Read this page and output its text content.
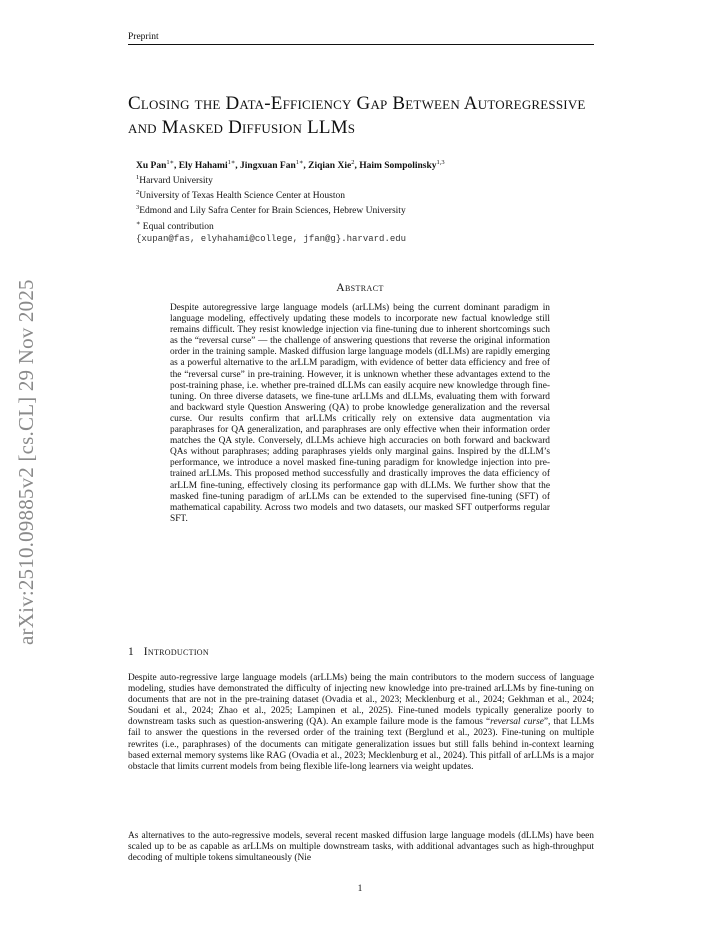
Preprint
arXiv:2510.09885v2 [cs.CL] 29 Nov 2025
Closing the Data-Efficiency Gap Between Autoregressive and Masked Diffusion LLMs
Xu Pan$^{1∗}$, Ely Hahami$^{1∗}$, Jingxuan Fan$^{1∗}$, Ziqian Xie$^2$, Haim Sompolinsky$^{1,3}$
$^1$Harvard University
$^2$University of Texas Health Science Center at Houston
$^3$Edmond and Lily Safra Center for Brain Sciences, Hebrew University
∗ Equal contribution
{xupan@fas, elyhahami@college, jfan@g}.harvard.edu
Abstract
Despite autoregressive large language models (arLLMs) being the current dominant paradigm in language modeling, effectively updating these models to incorporate new factual knowledge still remains difficult. They resist knowledge injection via fine-tuning due to inherent shortcomings such as the “reversal curse” — the challenge of answering questions that reverse the original information order in the training sample. Masked diffusion large language models (dLLMs) are rapidly emerging as a powerful alternative to the arLLM paradigm, with evidence of better data efficiency and free of the “reversal curse” in pre-training. However, it is unknown whether these advantages extend to the post-training phase, i.e. whether pre-trained dLLMs can easily acquire new knowledge through fine-tuning. On three diverse datasets, we fine-tune arLLMs and dLLMs, evaluating them with forward and backward style Question Answering (QA) to probe knowledge generalization and the reversal curse. Our results confirm that arLLMs critically rely on extensive data augmentation via paraphrases for QA generalization, and paraphrases are only effective when their information order matches the QA style. Conversely, dLLMs achieve high accuracies on both forward and backward QAs without paraphrases; adding paraphrases yields only marginal gains. Inspired by the dLLM’s performance, we introduce a novel masked fine-tuning paradigm for knowledge injection into pre-trained arLLMs. This proposed method successfully and drastically improves the data efficiency of arLLM fine-tuning, effectively closing its performance gap with dLLMs. We further show that the masked fine-tuning paradigm of arLLMs can be extended to the supervised fine-tuning (SFT) of mathematical capability. Across two models and two datasets, our masked SFT outperforms regular SFT.
1 Introduction
Despite auto-regressive large language models (arLLMs) being the main contributors to the modern success of language modeling, studies have demonstrated the difficulty of injecting new knowledge into pre-trained arLLMs by fine-tuning on documents that are not in the pre-training dataset (Ovadia et al., 2023; Mecklenburg et al., 2024; Gekhman et al., 2024; Soudani et al., 2024; Zhao et al., 2025; Lampinen et al., 2025). Fine-tuned models typically generalize poorly to downstream tasks such as question-answering (QA). An example failure mode is the famous “reversal curse”, that LLMs fail to answer the questions in the reversed order of the training text (Berglund et al., 2023). Fine-tuning on multiple rewrites (i.e., paraphrases) of the documents can mitigate generalization issues but still falls behind in-context learning based external memory systems like RAG (Ovadia et al., 2023; Mecklenburg et al., 2024). This pitfall of arLLMs is a major obstacle that limits current models from being flexible life-long learners via weight updates.
As alternatives to the auto-regressive models, several recent masked diffusion large language models (dLLMs) have been scaled up to be as capable as arLLMs on multiple downstream tasks, with additional advantages such as high-throughput decoding of multiple tokens simultaneously (Nie
1
